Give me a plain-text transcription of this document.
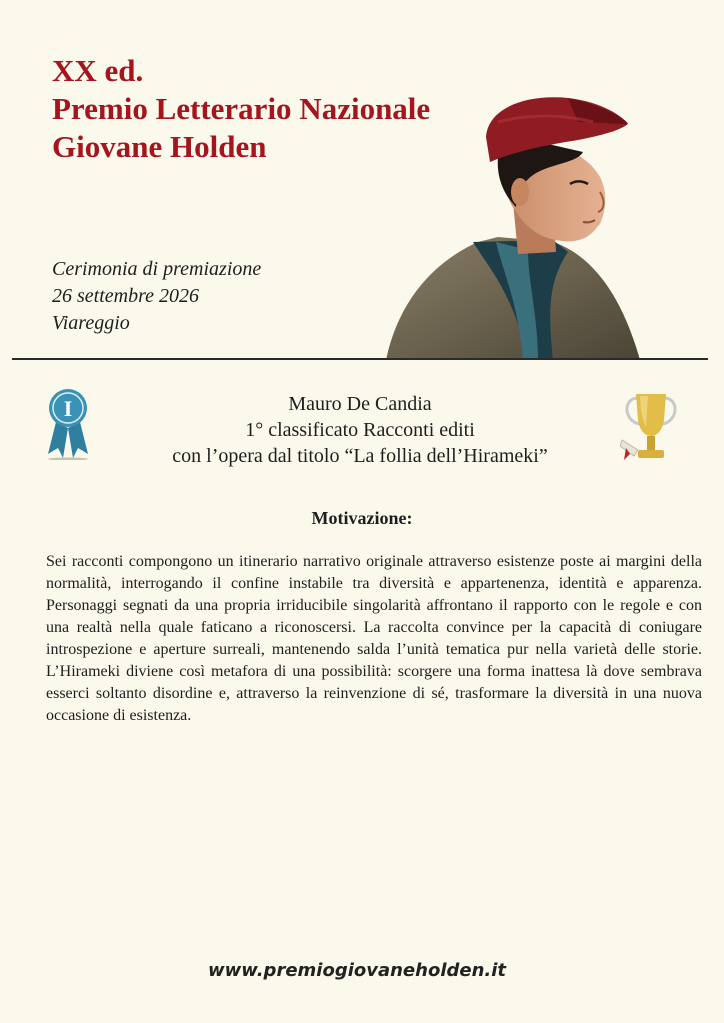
XX ed.
Premio Letterario Nazionale
Giovane Holden
Cerimonia di premiazione
26 settembre 2026
Viareggio
I	Mauro De Candia
1° classificato Racconti editi
con l’opera dal titolo “La follia dell’Hirameki”
Motivazione:
Sei racconti compongono un itinerario narrativo originale attraverso esistenze poste ai margini della normalità, interrogando il confine instabile tra diversità e appartenenza, identità e apparenza. Personaggi segnati da una propria irriducibile singolarità affrontano il rapporto con le regole e con una realtà nella quale faticano a riconoscersi. La raccolta convince per la capacità di coniugare introspezione e aperture surreali, mantenendo salda l’unità tematica pur nella varietà delle storie. L’Hirameki diviene così metafora di una possibilità: scorgere una forma inattesa là dove sembrava esserci soltanto disordine e, attraverso la reinvenzione di sé, trasformare la diversità in una nuova occasione di esistenza.
www.premiogiovaneholden.it
